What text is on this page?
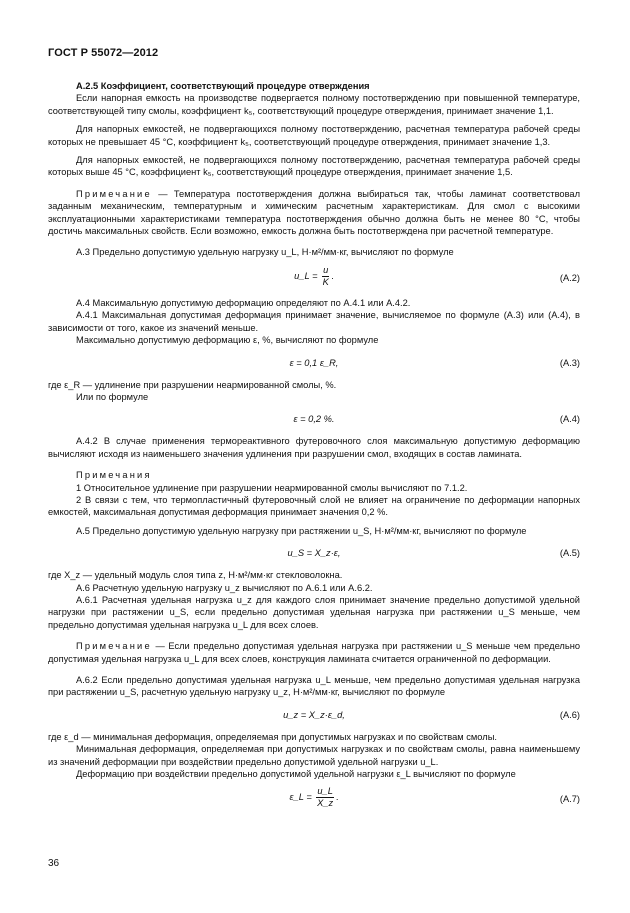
ГОСТ Р 55072—2012

А.2.5 Коэффициент, соответствующий процедуре отверждения

Если напорная емкость на производстве подвергается полному постотверждению при повышенной температуре, соответствующей типу смолы, коэффициент k₅, соответствующий процедуре отверждения, принимает значение 1,1.

Для напорных емкостей, не подвергающихся полному постотверждению, расчетная температура рабочей среды которых не превышает 45 °C, коэффициент k₅, соответствующий процедуре отверждения, принимает значение 1,3.

Для напорных емкостей, не подвергающихся полному постотверждению, расчетная температура рабочей среды которых выше 45 °C, коэффициент k₅, соответствующий процедуре отверждения, принимает значение 1,5.

Примечание — Температура постотверждения должна выбираться так, чтобы ламинат соответствовал заданным механическим, температурным и химическим расчетным характеристикам. Для смол с высокими эксплуатационными характеристиками температура постотверждения обычно должна быть не менее 80 °C, чтобы достичь максимальных свойств. Если возможно, емкость должна быть постотверждена при расчетной температуре.

А.3 Предельно допустимую удельную нагрузку u_L, Н·м²/мм·кг, вычисляют по формуле

u_L = $\frac{u}{K}$ .	(А.2)

А.4 Максимальную допустимую деформацию определяют по А.4.1 или А.4.2.

А.4.1 Максимальная допустимая деформация принимает значение, вычисляемое по формуле (А.3) или (А.4), в зависимости от того, какое из значений меньше.

Максимально допустимую деформацию ε, %, вычисляют по формуле

ε = 0,1 ε_R,	(А.3)

где ε_R — удлинение при разрушении неармированной смолы, %.

Или по формуле

ε = 0,2 %.	(А.4)

А.4.2 В случае применения термореактивного футеровочного слоя максимальную допустимую деформацию вычисляют исходя из наименьшего значения удлинения при разрушении смол, входящих в состав ламината.

Примечания

1 Относительное удлинение при разрушении неармированной смолы вычисляют по 7.1.2.

2 В связи с тем, что термопластичный футеровочный слой не влияет на ограничение по деформации напорных емкостей, максимальная допустимая деформация принимает значения 0,2 %.

А.5 Предельно допустимую удельную нагрузку при растяжении u_S, Н·м²/мм·кг, вычисляют по формуле

u_S = X_z·ε,	(А.5)

где X_z — удельный модуль слоя типа z, Н·м²/мм·кг стекловолокна.

А.6 Расчетную удельную нагрузку u_z вычисляют по А.6.1 или А.6.2.

А.6.1 Расчетная удельная нагрузка u_z для каждого слоя принимает значение предельно допустимой удельной нагрузки при растяжении u_S, если предельно допустимая удельная нагрузка при растяжении u_S меньше, чем предельно допустимая удельная нагрузка u_L для всех слоев.

Примечание — Если предельно допустимая удельная нагрузка при растяжении u_S меньше чем предельно допустимая удельная нагрузка u_L для всех слоев, конструкция ламината считается ограниченной по деформации.

А.6.2 Если предельно допустимая удельная нагрузка u_L меньше, чем предельно допустимая удельная нагрузка при растяжении u_S, расчетную удельную нагрузку u_z, Н·м²/мм·кг, вычисляют по формуле

u_z = X_z·ε_d,	(А.6)

где ε_d — минимальная деформация, определяемая при допустимых нагрузках и по свойствам смолы.

Минимальная деформация, определяемая при допустимых нагрузках и по свойствам смолы, равна наименьшему из значений деформации при воздействии предельно допустимой удельной нагрузки u_L.

Деформацию при воздействии предельно допустимой удельной нагрузки ε_L вычисляют по формуле

ε_L = $\frac{u\_L}{X\_z}$ .	(А.7)
36
